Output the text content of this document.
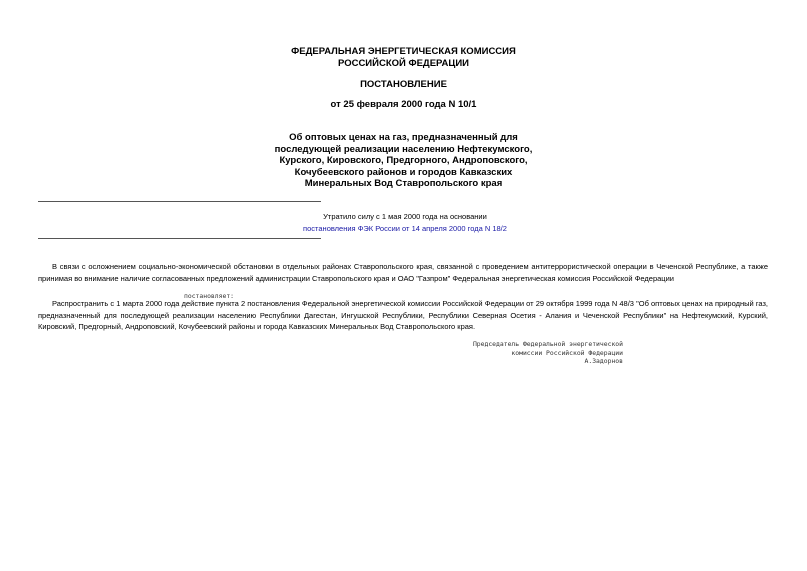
ФЕДЕРАЛЬНАЯ ЭНЕРГЕТИЧЕСКАЯ КОМИССИЯ
РОССИЙСКОЙ ФЕДЕРАЦИИ
ПОСТАНОВЛЕНИЕ
от 25 февраля 2000 года N 10/1
Об оптовых ценах на газ, предназначенный для
последующей реализации населению Нефтекумского,
Курского, Кировского, Предгорного, Андроповского,
Кочубеевского районов и городов Кавказских
Минеральных Вод Ставропольского края
Утратило силу с 1 мая 2000 года на основании
постановления ФЭК России от 14 апреля 2000 года N 18/2
В связи с осложнением социально-экономической обстановки в отдельных районах Ставропольского края, связанной с проведением антитеррористической операции в Чеченской Республике, а также принимая во внимание наличие согласованных предложений администрации Ставропольского края и ОАО "Газпром" Федеральная энергетическая комиссия Российской Федерации
постановляет:
Распространить с 1 марта 2000 года действие пункта 2 постановления Федеральной энергетической комиссии Российской Федерации от 29 октября 1999 года N 48/3 "Об оптовых ценах на природный газ, предназначенный для последующей реализации населению Республики Дагестан, Ингушской Республики, Республики Северная Осетия - Алания и Чеченской Республики" на Нефтекумский, Курский, Кировский, Предгорный, Андроповский, Кочубеевский районы и города Кавказских Минеральных Вод Ставропольского края.
Председатель Федеральной энергетической
комиссии Российской Федерации
А.Задорнов
